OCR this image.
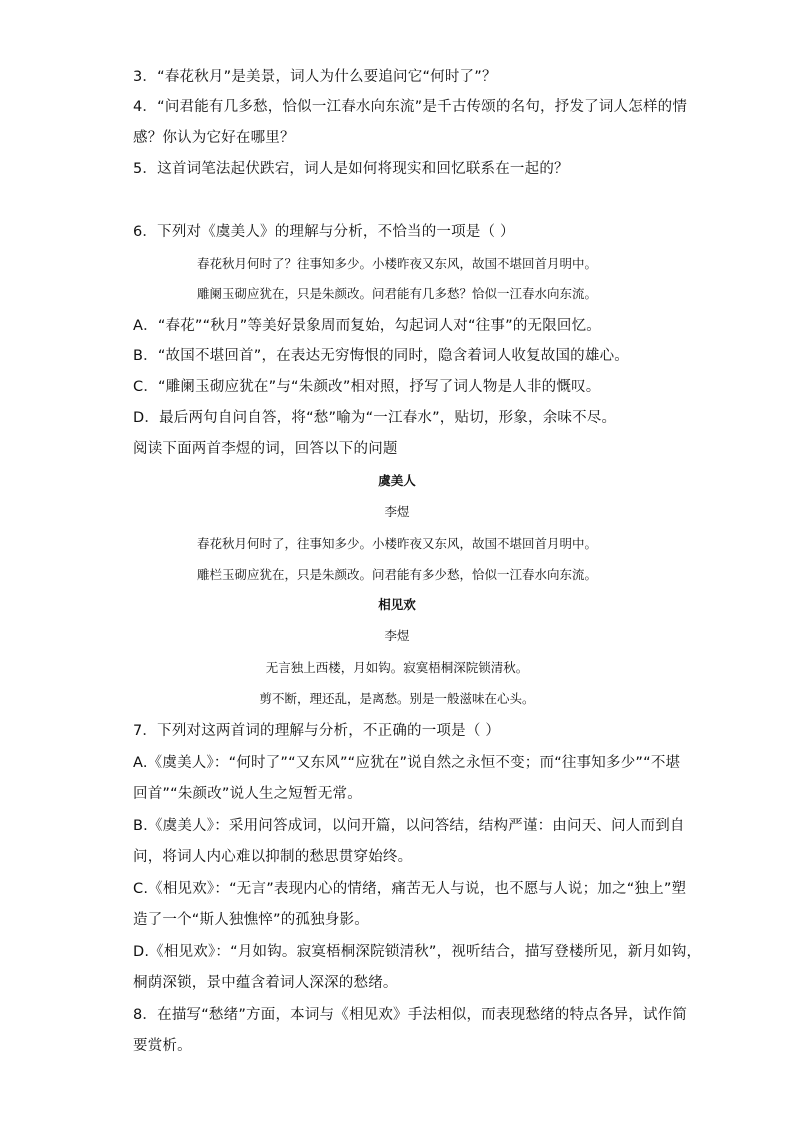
3．“春花秋月”是美景，词人为什么要追问它“何时了”？
4．“问君能有几多愁，恰似一江春水向东流”是千古传颂的名句，抒发了词人怎样的情
感？你认为它好在哪里？
5．这首词笔法起伏跌宕，词人是如何将现实和回忆联系在一起的？
6．下列对《虞美人》的理解与分析，不恰当的一项是（ ）
春花秋月何时了？往事知多少。小楼昨夜又东风，故国不堪回首月明中。
雕阑玉砌应犹在，只是朱颜改。问君能有几多愁？恰似一江春水向东流。
A．“春花”“秋月”等美好景象周而复始，勾起词人对“往事”的无限回忆。
B．“故国不堪回首”，在表达无穷悔恨的同时，隐含着词人收复故国的雄心。
C．“雕阑玉砌应犹在”与“朱颜改”相对照，抒写了词人物是人非的慨叹。
D．最后两句自问自答，将“愁”喻为“一江春水”，贴切，形象，余味不尽。
阅读下面两首李煜的词，回答以下的问题
虞美人
李煜
春花秋月何时了，往事知多少。小楼昨夜又东风，故国不堪回首月明中。
雕栏玉砌应犹在，只是朱颜改。问君能有多少愁，恰似一江春水向东流。
相见欢
李煜
无言独上西楼，月如钩。寂寞梧桐深院锁清秋。
剪不断，理还乱，是离愁。别是一般滋味在心头。
7．下列对这两首词的理解与分析，不正确的一项是（ ）
A.《虞美人》：“何时了”“又东风”“应犹在”说自然之永恒不变；而“往事知多少”“不堪
回首”“朱颜改”说人生之短暂无常。
B.《虞美人》：采用问答成词，以问开篇，以问答结，结构严谨：由问天、问人而到自
问，将词人内心难以抑制的愁思贯穿始终。
C.《相见欢》：“无言”表现内心的情绪，痛苦无人与说，也不愿与人说；加之“独上”塑
造了一个“斯人独憔悴”的孤独身影。
D.《相见欢》：“月如钩。寂寞梧桐深院锁清秋”，视听结合，描写登楼所见，新月如钩，
桐荫深锁，景中蕴含着词人深深的愁绪。
8．在描写“愁绪”方面，本词与《相见欢》手法相似，而表现愁绪的特点各异，试作简
要赏析。
